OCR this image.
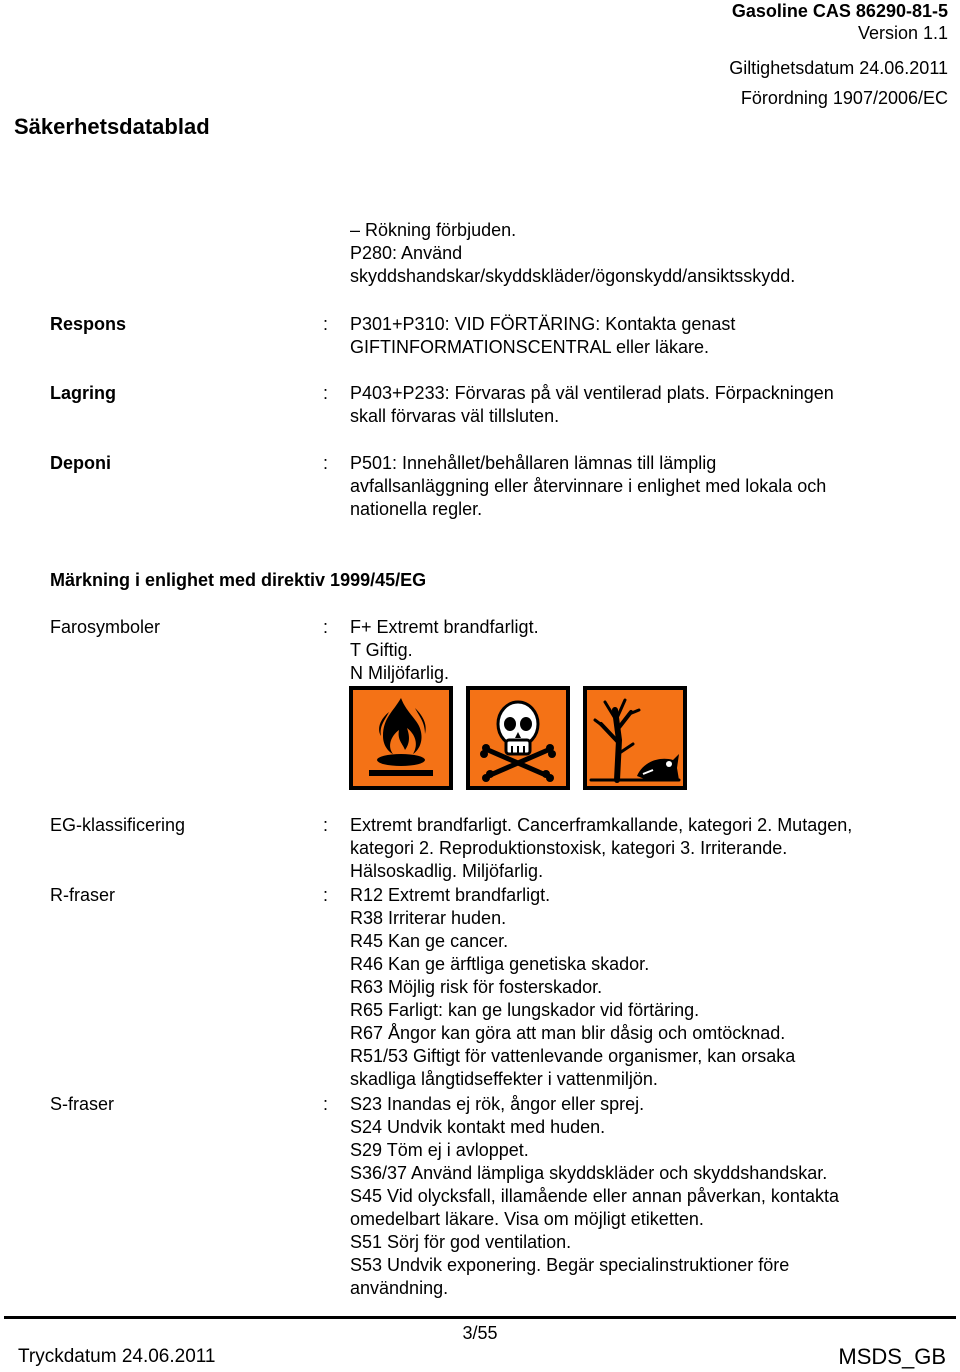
Gasoline CAS 86290-81-5
Version 1.1
Giltighetsdatum 24.06.2011
Förordning 1907/2006/EC
Säkerhetsdatablad
– Rökning förbjuden.
P280: Använd
skyddshandskar/skyddskläder/ögonskydd/ansiktsskydd.
Respons	:	P301+P310: VID FÖRTÄRING: Kontakta genast
GIFTINFORMATIONSCENTRAL eller läkare.
Lagring	:	P403+P233: Förvaras på väl ventilerad plats. Förpackningen
skall förvaras väl tillsluten.
Deponi	:	P501: Innehållet/behållaren lämnas till lämplig
avfallsanläggning eller återvinnare i enlighet med lokala och
nationella regler.
Märkning i enlighet med direktiv 1999/45/EG
Farosymboler	:	F+ Extremt brandfarligt.
T Giftig.
N Miljöfarlig.
EG-klassificering	:	Extremt brandfarligt. Cancerframkallande, kategori 2. Mutagen,
kategori 2. Reproduktionstoxisk, kategori 3. Irriterande.
Hälsoskadlig. Miljöfarlig.
R-fraser	:	R12 Extremt brandfarligt.
R38 Irriterar huden.
R45 Kan ge cancer.
R46 Kan ge ärftliga genetiska skador.
R63 Möjlig risk för fosterskador.
R65 Farligt: kan ge lungskador vid förtäring.
R67 Ångor kan göra att man blir dåsig och omtöcknad.
R51/53 Giftigt för vattenlevande organismer, kan orsaka
skadliga långtidseffekter i vattenmiljön.
S-fraser	:	S23 Inandas ej rök, ångor eller sprej.
S24 Undvik kontakt med huden.
S29 Töm ej i avloppet.
S36/37 Använd lämpliga skyddskläder och skyddshandskar.
S45 Vid olycksfall, illamående eller annan påverkan, kontakta
omedelbart läkare. Visa om möjligt etiketten.
S51 Sörj för god ventilation.
S53 Undvik exponering. Begär specialinstruktioner före
användning.
3/55
Tryckdatum 24.06.2011	MSDS_GB
